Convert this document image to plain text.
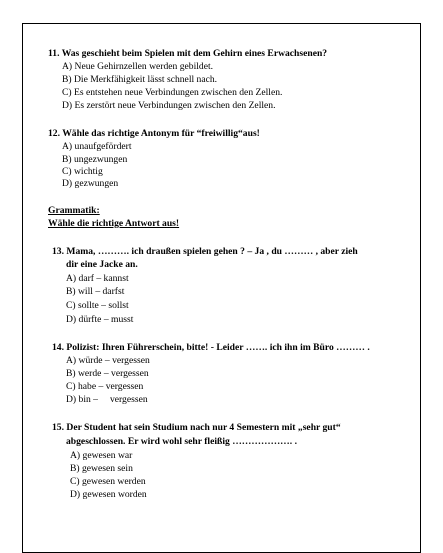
11. Was geschieht beim Spielen mit dem Gehirn eines Erwachsenen?
A) Neue Gehirnzellen werden gebildet.
B) Die Merkfähigkeit lässt schnell nach.
C) Es entstehen neue Verbindungen zwischen den Zellen.
D) Es zerstört neue Verbindungen zwischen den Zellen.
12. Wähle das richtige Antonym für “freiwillig“aus!
A) unaufgefördert
B) ungezwungen
C) wichtig
D) gezwungen
Grammatik:
Wähle die richtige Antwort aus!
13. Mama, ………. ich draußen spielen gehen ? – Ja , du ……… , aber zieh
dir eine Jacke an.
A) darf – kannst
B) will – darfst
C) sollte – sollst
D) dürfte – musst
14. Polizist: Ihren Führerschein, bitte! - Leider ……. ich ihn im Büro ……… .
A) würde – vergessen
B) werde – vergessen
C) habe – vergessen
D) bin –     vergessen
15. Der Student hat sein Studium nach nur 4 Semestern mit „sehr gut“
abgeschlossen. Er wird wohl sehr fleißig ………………. .
A) gewesen war
B) gewesen sein
C) gewesen werden
D) gewesen worden
